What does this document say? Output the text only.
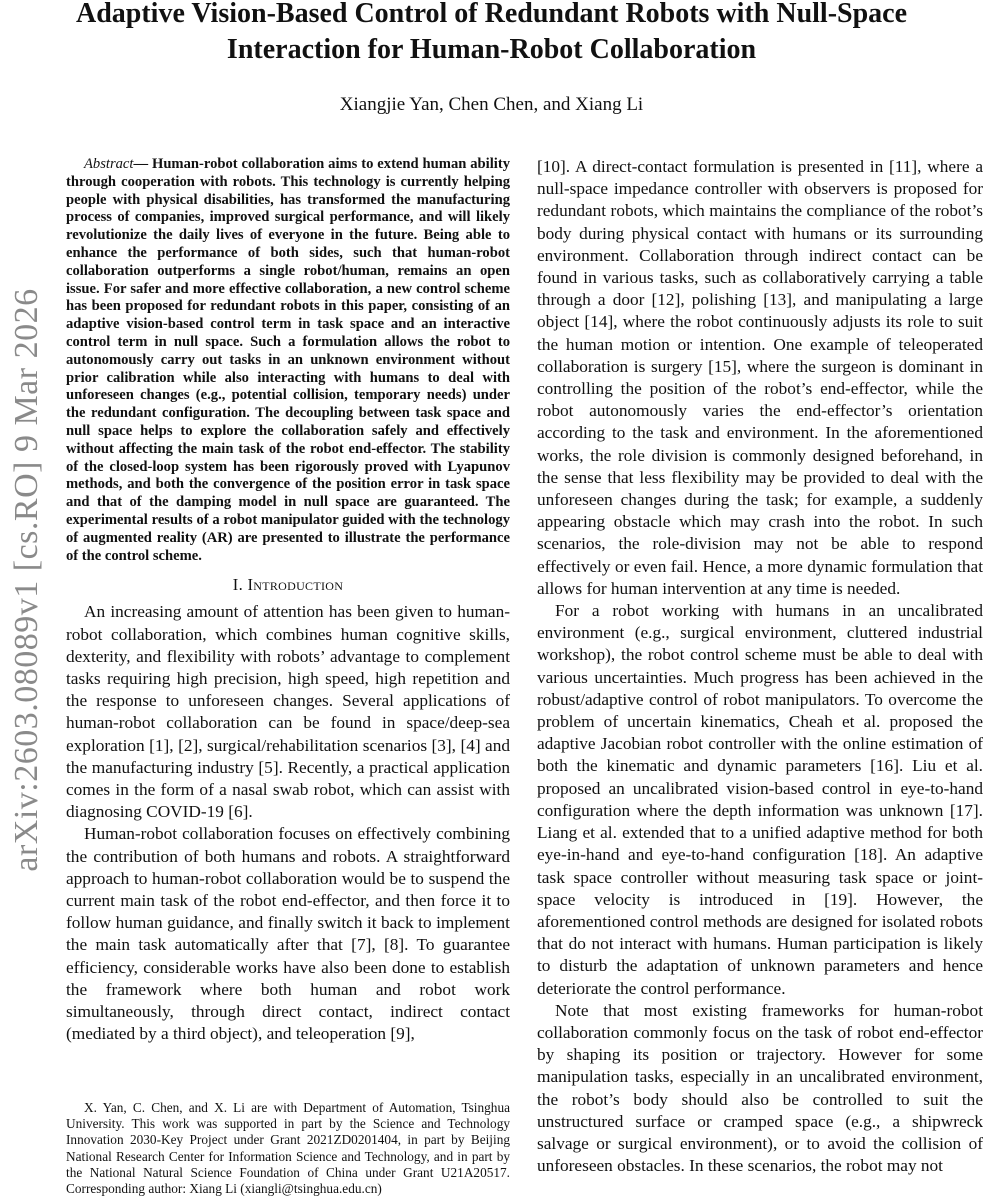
arXiv:2603.08089v1 [cs.RO] 9 Mar 2026
Adaptive Vision-Based Control of Redundant Robots with Null-Space Interaction for Human-Robot Collaboration
Xiangjie Yan, Chen Chen, and Xiang Li

Abstract— Human-robot collaboration aims to extend human ability through cooperation with robots. This technology is currently helping people with physical disabilities, has transformed the manufacturing process of companies, improved surgical performance, and will likely revolutionize the daily lives of everyone in the future. Being able to enhance the performance of both sides, such that human-robot collaboration outperforms a single robot/human, remains an open issue. For safer and more effective collaboration, a new control scheme has been proposed for redundant robots in this paper, consisting of an adaptive vision-based control term in task space and an interactive control term in null space. Such a formulation allows the robot to autonomously carry out tasks in an unknown environment without prior calibration while also interacting with humans to deal with unforeseen changes (e.g., potential collision, temporary needs) under the redundant configuration. The decoupling between task space and null space helps to explore the collaboration safely and effectively without affecting the main task of the robot end-effector. The stability of the closed-loop system has been rigorously proved with Lyapunov methods, and both the convergence of the position error in task space and that of the damping model in null space are guaranteed. The experimental results of a robot manipulator guided with the technology of augmented reality (AR) are presented to illustrate the performance of the control scheme.

I. Introduction

An increasing amount of attention has been given to human-robot collaboration, which combines human cognitive skills, dexterity, and flexibility with robots’ advantage to complement tasks requiring high precision, high speed, high repetition and the response to unforeseen changes. Several applications of human-robot collaboration can be found in space/deep-sea exploration [1], [2], surgical/rehabilitation scenarios [3], [4] and the manufacturing industry [5]. Recently, a practical application comes in the form of a nasal swab robot, which can assist with diagnosing COVID-19 [6].

Human-robot collaboration focuses on effectively combining the contribution of both humans and robots. A straightforward approach to human-robot collaboration would be to suspend the current main task of the robot end-effector, and then force it to follow human guidance, and finally switch it back to implement the main task automatically after that [7], [8]. To guarantee efficiency, considerable works have also been done to establish the framework where both human and robot work simultaneously, through direct contact, indirect contact (mediated by a third object), and teleoperation [9],

X. Yan, C. Chen, and X. Li are with Department of Automation, Tsinghua University. This work was supported in part by the Science and Technology Innovation 2030-Key Project under Grant 2021ZD0201404, in part by Beijing National Research Center for Information Science and Technology, and in part by the National Natural Science Foundation of China under Grant U21A20517. Corresponding author: Xiang Li (xiangli@tsinghua.edu.cn)

[10]. A direct-contact formulation is presented in [11], where a null-space impedance controller with observers is proposed for redundant robots, which maintains the compliance of the robot’s body during physical contact with humans or its surrounding environment. Collaboration through indirect contact can be found in various tasks, such as collaboratively carrying a table through a door [12], polishing [13], and manipulating a large object [14], where the robot continuously adjusts its role to suit the human motion or intention. One example of teleoperated collaboration is surgery [15], where the surgeon is dominant in controlling the position of the robot’s end-effector, while the robot autonomously varies the end-effector’s orientation according to the task and environment. In the aforementioned works, the role division is commonly designed beforehand, in the sense that less flexibility may be provided to deal with the unforeseen changes during the task; for example, a suddenly appearing obstacle which may crash into the robot. In such scenarios, the role-division may not be able to respond effectively or even fail. Hence, a more dynamic formulation that allows for human intervention at any time is needed.

For a robot working with humans in an uncalibrated environment (e.g., surgical environment, cluttered industrial workshop), the robot control scheme must be able to deal with various uncertainties. Much progress has been achieved in the robust/adaptive control of robot manipulators. To overcome the problem of uncertain kinematics, Cheah et al. proposed the adaptive Jacobian robot controller with the online estimation of both the kinematic and dynamic parameters [16]. Liu et al. proposed an uncalibrated vision-based control in eye-to-hand configuration where the depth information was unknown [17]. Liang et al. extended that to a unified adaptive method for both eye-in-hand and eye-to-hand configuration [18]. An adaptive task space controller without measuring task space or joint-space velocity is introduced in [19]. However, the aforementioned control methods are designed for isolated robots that do not interact with humans. Human participation is likely to disturb the adaptation of unknown parameters and hence deteriorate the control performance.

Note that most existing frameworks for human-robot collaboration commonly focus on the task of robot end-effector by shaping its position or trajectory. However for some manipulation tasks, especially in an uncalibrated environment, the robot’s body should also be controlled to suit the unstructured surface or cramped space (e.g., a shipwreck salvage or surgical environment), or to avoid the collision of unforeseen obstacles. In these scenarios, the robot may not
